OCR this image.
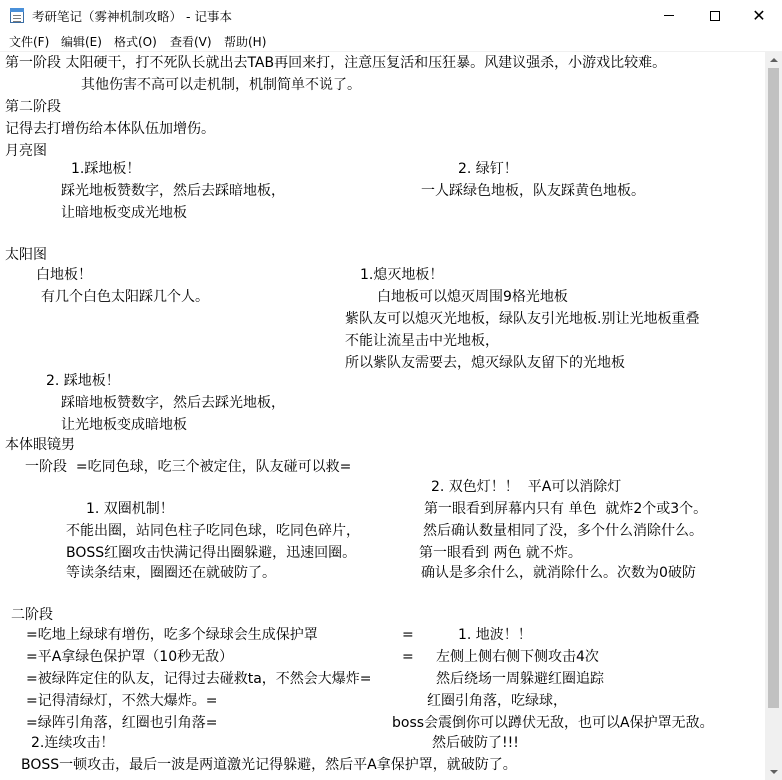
考研笔记（雾神机制攻略） - 记事本	✕
文件(F) 编辑(E) 格式(O) 查看(V) 帮助(H)
第一阶段 太阳硬干，打不死队长就出去TAB再回来打，注意压复活和压狂暴。风建议强杀，小游戏比较难。
其他伤害不高可以走机制，机制简单不说了。
第二阶段
记得去打增伤给本体队伍加增伤。
月亮图
1.踩地板！	2. 绿钉！
踩光地板赞数字，然后去踩暗地板，	一人踩绿色地板，队友踩黄色地板。
让暗地板变成光地板
太阳图
白地板！	1.熄灭地板！
有几个白色太阳踩几个人。	白地板可以熄灭周围9格光地板
紫队友可以熄灭光地板，绿队友引光地板.别让光地板重叠
不能让流星击中光地板，
所以紫队友需要去，熄灭绿队友留下的光地板
2. 踩地板！
踩暗地板赞数字，然后去踩光地板，
让光地板变成暗地板
本体眼镜男
一阶段  =吃同色球，吃三个被定住，队友碰可以救=
2. 双色灯！！  平A可以消除灯
1. 双圈机制！	第一眼看到屏幕内只有 单色  就炸2个或3个。
不能出圈，站同色柱子吃同色球，吃同色碎片，	然后确认数量相同了没，多个什么消除什么。
BOSS红圈攻击快满记得出圈躲避，迅速回圈。	第一眼看到 两色 就不炸。
等读条结束，圈圈还在就破防了。	确认是多余什么，就消除什么。次数为0破防
二阶段
=吃地上绿球有增伤，吃多个绿球会生成保护罩	=	1. 地波！！
=平A拿绿色保护罩（10秒无敌）	= 左侧上侧右侧下侧攻击4次
=被绿阵定住的队友，记得过去碰救ta，不然会大爆炸=	然后绕场一周躲避红圈追踪
=记得清绿灯，不然大爆炸。=	红圈引角落，吃绿球，
=绿阵引角落，红圈也引角落=	boss会震倒你可以蹲伏无敌，也可以A保护罩无敌。
2.连续攻击！	然后破防了!!!
BOSS一顿攻击，最后一波是两道激光记得躲避，然后平A拿保护罩，就破防了。
